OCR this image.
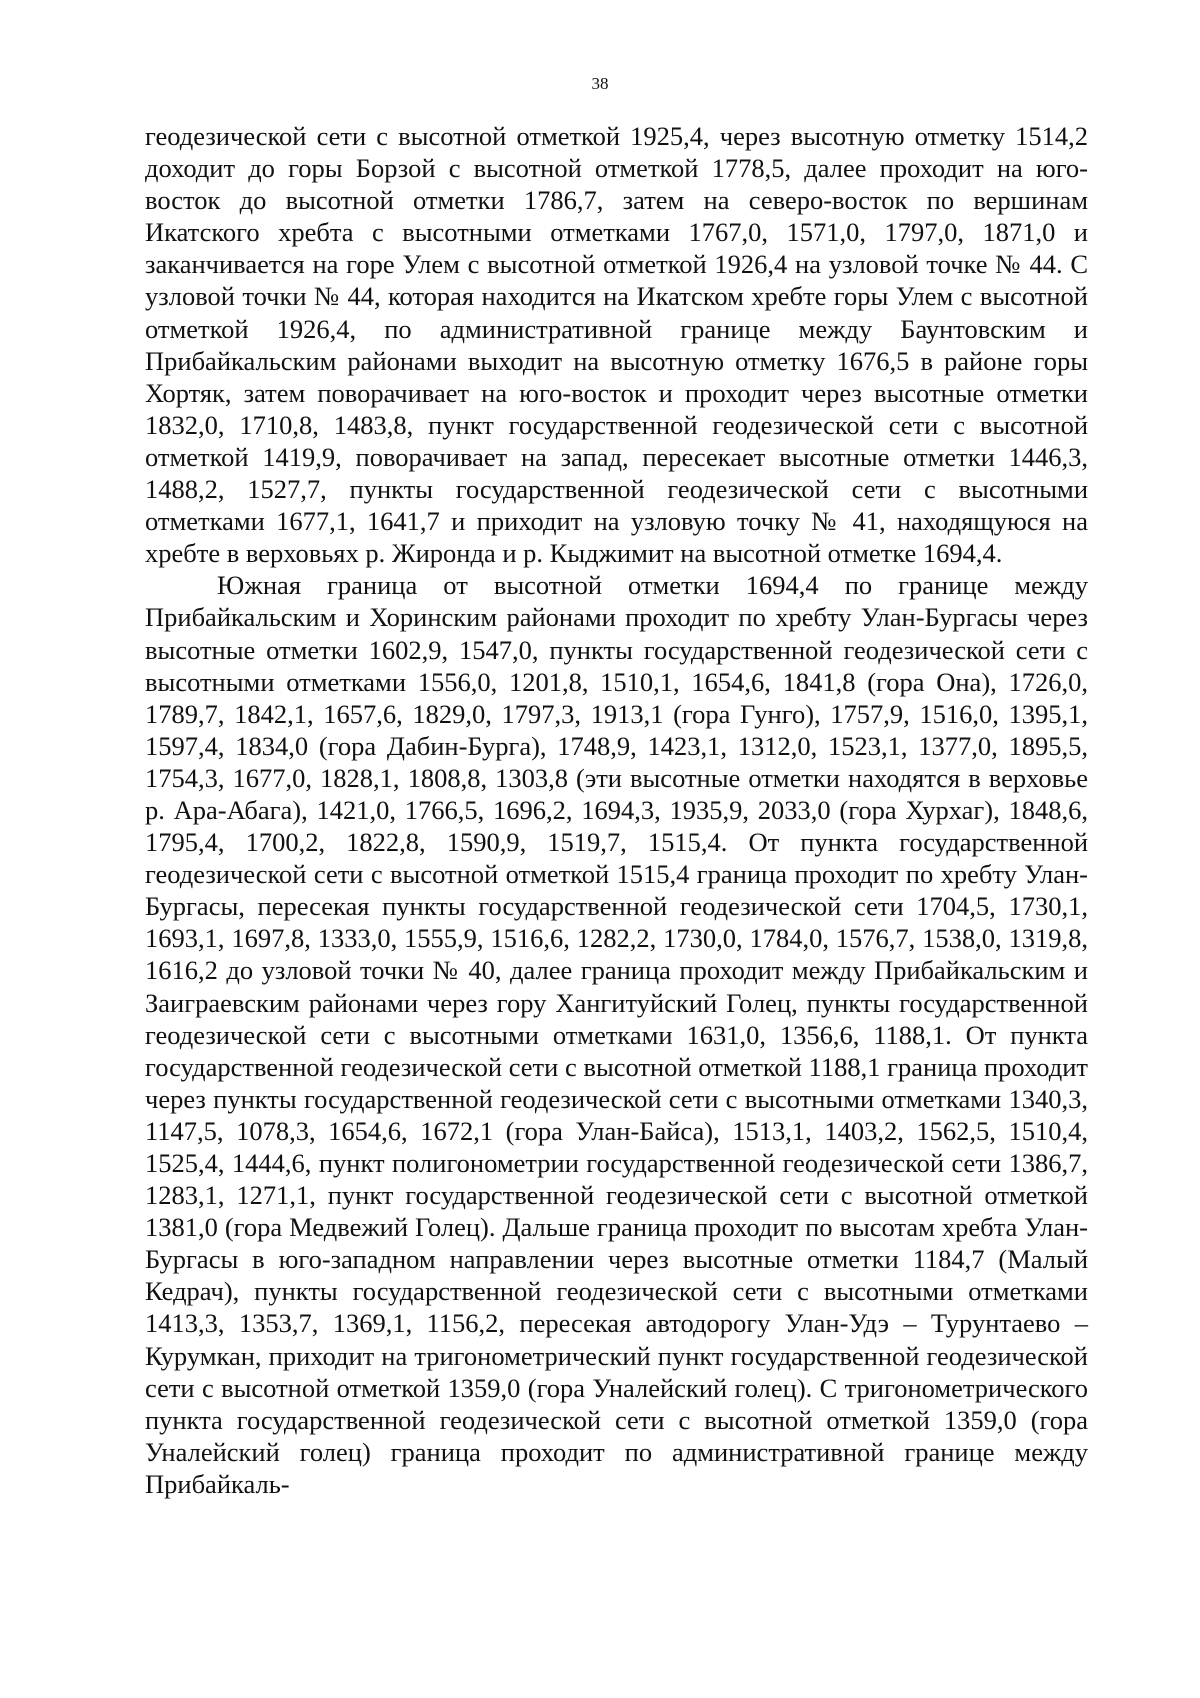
38

геодезической сети с высотной отметкой 1925,4, через высотную отметку 1514,2 доходит до горы Борзой с высотной отметкой 1778,5, далее проходит на юго-восток до высотной отметки 1786,7, затем на северо-восток по вершинам Икатского хребта с высотными отметками 1767,0, 1571,0, 1797,0, 1871,0 и заканчивается на горе Улем с высотной отметкой 1926,4 на узловой точке № 44. С узловой точки № 44, которая находится на Икатском хребте горы Улем с высотной отметкой 1926,4, по административной границе между Баунтовским и Прибайкальским районами выходит на высотную отметку 1676,5 в районе горы Хортяк, затем поворачивает на юго-восток и проходит через высотные отметки 1832,0, 1710,8, 1483,8, пункт государственной геодезической сети с высотной отметкой 1419,9, поворачивает на запад, пересекает высотные отметки 1446,3, 1488,2, 1527,7, пункты государственной геодезической сети с высотными отметками 1677,1, 1641,7 и приходит на узловую точку № 41, находящуюся на хребте в верховьях р. Жиронда и р. Кыджимит на высотной отметке 1694,4.

Южная граница от высотной отметки 1694,4 по границе между Прибайкальским и Хоринским районами проходит по хребту Улан-Бургасы через высотные отметки 1602,9, 1547,0, пункты государственной геодезической сети с высотными отметками 1556,0, 1201,8, 1510,1, 1654,6, 1841,8 (гора Она), 1726,0, 1789,7, 1842,1, 1657,6, 1829,0, 1797,3, 1913,1 (гора Гунго), 1757,9, 1516,0, 1395,1, 1597,4, 1834,0 (гора Дабин-Бурга), 1748,9, 1423,1, 1312,0, 1523,1, 1377,0, 1895,5, 1754,3, 1677,0, 1828,1, 1808,8, 1303,8 (эти высотные отметки находятся в верховье р. Ара-Абага), 1421,0, 1766,5, 1696,2, 1694,3, 1935,9, 2033,0 (гора Хурхаг), 1848,6, 1795,4, 1700,2, 1822,8, 1590,9, 1519,7, 1515,4. От пункта государственной геодезической сети с высотной отметкой 1515,4 граница проходит по хребту Улан-Бургасы, пересекая пункты государственной геодезической сети 1704,5, 1730,1, 1693,1, 1697,8, 1333,0, 1555,9, 1516,6, 1282,2, 1730,0, 1784,0, 1576,7, 1538,0, 1319,8, 1616,2 до узловой точки № 40, далее граница проходит между Прибайкальским и Заиграевским районами через гору Хангитуйский Голец, пункты государственной геодезической сети с высотными отметками 1631,0, 1356,6, 1188,1. От пункта государственной геодезической сети с высотной отметкой 1188,1 граница проходит через пункты государственной геодезической сети с высотными отметками 1340,3, 1147,5, 1078,3, 1654,6, 1672,1 (гора Улан-Байса), 1513,1, 1403,2, 1562,5, 1510,4, 1525,4, 1444,6, пункт полигонометрии государственной геодезической сети 1386,7, 1283,1, 1271,1, пункт государственной геодезической сети с высотной отметкой 1381,0 (гора Медвежий Голец). Дальше граница проходит по высотам хребта Улан-Бургасы в юго-западном направлении через высотные отметки 1184,7 (Малый Кедрач), пункты государственной геодезической сети с высотными отметками 1413,3, 1353,7, 1369,1, 1156,2, пересекая автодорогу Улан-Удэ – Турунтаево – Курумкан, приходит на тригонометрический пункт государственной геодезической сети с высотной отметкой 1359,0 (гора Уналейский голец). С тригонометрического пункта государственной геодезической сети с высотной отметкой 1359,0 (гора Уналейский голец) граница проходит по административной границе между Прибайкаль-
